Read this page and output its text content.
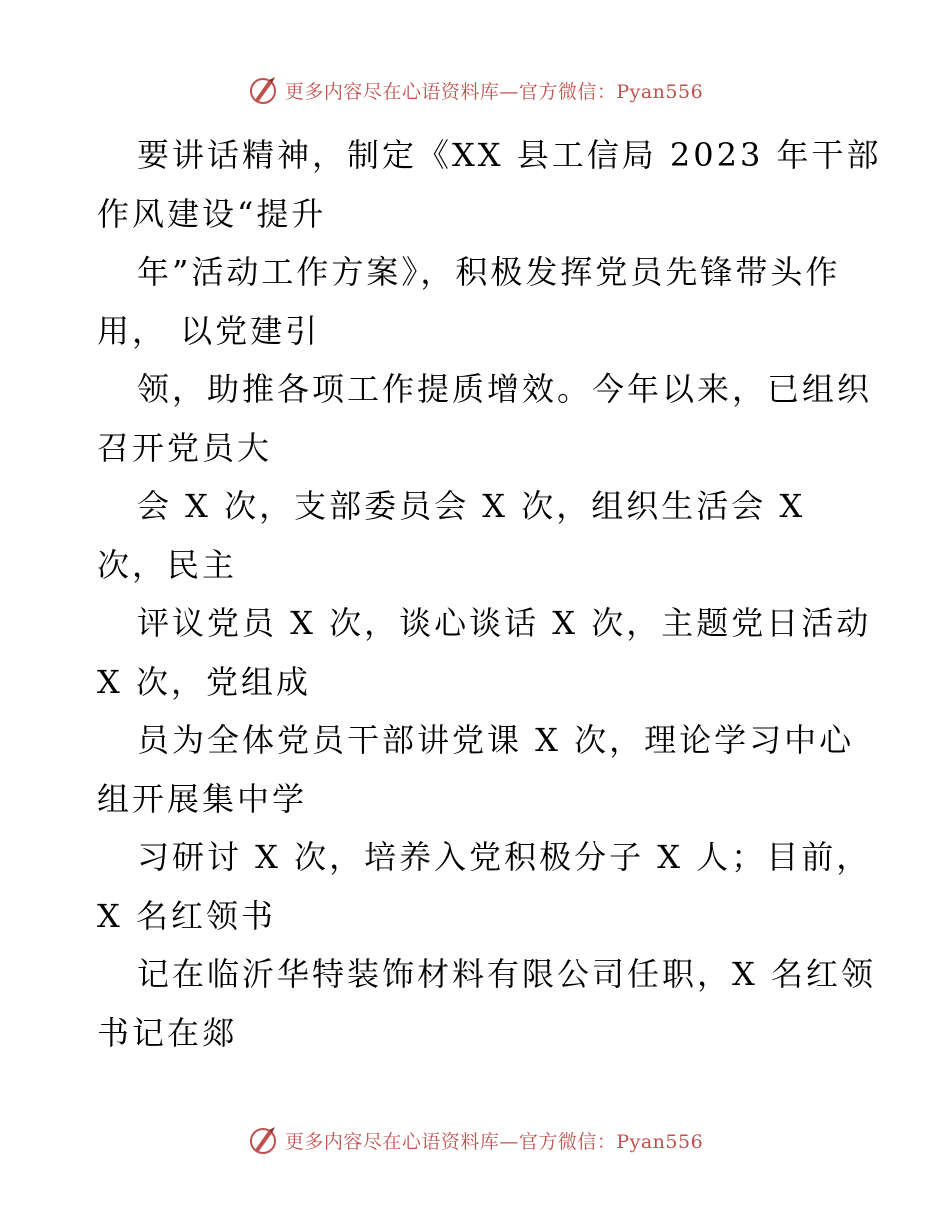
更多内容尽在心语资料库—官方微信：Pyan556
要讲话精神，制定《XX 县工信局 2023 年干部
作风建设“提升
年”活动工作方案》，积极发挥党员先锋带头作
用， 以党建引
领，助推各项工作提质增效。今年以来，已组织
召开党员大
会 X 次，支部委员会 X 次，组织生活会 X
次，民主
评议党员 X 次，谈心谈话 X 次，主题党日活动
X 次，党组成
员为全体党员干部讲党课 X 次，理论学习中心
组开展集中学
习研讨 X 次，培养入党积极分子 X 人；目前，
X 名红领书
记在临沂华特装饰材料有限公司任职，X 名红领
书记在郯
更多内容尽在心语资料库—官方微信：Pyan556
